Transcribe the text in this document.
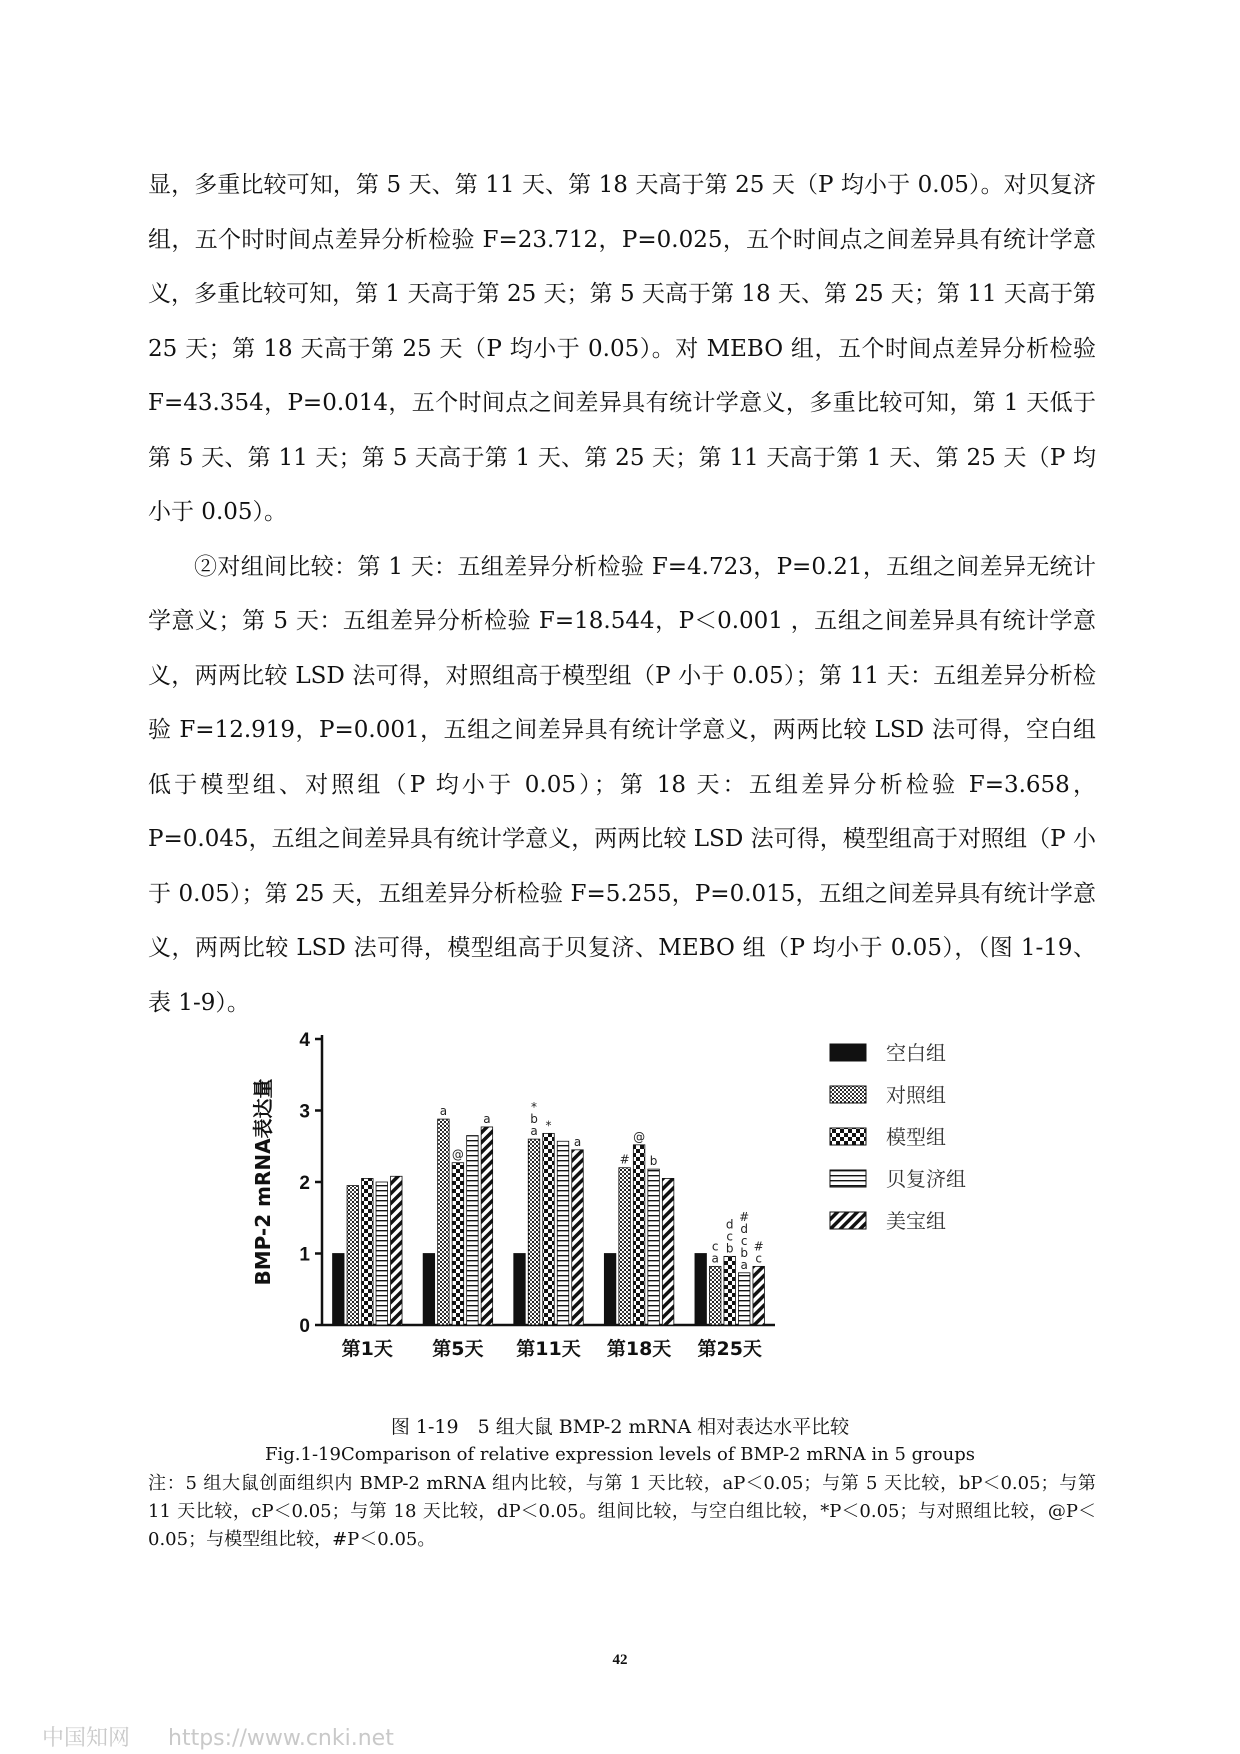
显，多重比较可知，第 5 天、第 11 天、第 18 天高于第 25 天（P 均小于 0.05）。对贝复济组，五个时时间点差异分析检验 F=23.712，P=0.025，五个时间点之间差异具有统计学意义，多重比较可知，第 1 天高于第 25 天；第 5 天高于第 18 天、第 25 天；第 11 天高于第 25 天；第 18 天高于第 25 天（P 均小于 0.05）。对 MEBO 组，五个时间点差异分析检验 F=43.354，P=0.014，五个时间点之间差异具有统计学意义，多重比较可知，第 1 天低于第 5 天、第 11 天；第 5 天高于第 1 天、第 25 天；第 11 天高于第 1 天、第 25 天（P 均小于 0.05）。

②对组间比较：第 1 天：五组差异分析检验 F=4.723，P=0.21，五组之间差异无统计学意义；第 5 天：五组差异分析检验 F=18.544，P＜0.001 ，五组之间差异具有统计学意义，两两比较 LSD 法可得，对照组高于模型组（P 小于 0.05）；第 11 天：五组差异分析检验 F=12.919，P=0.001，五组之间差异具有统计学意义，两两比较 LSD 法可得，空白组低于模型组、对照组（P 均小于 0.05）；第 18 天：五组差异分析检验 F=3.658，P=0.045，五组之间差异具有统计学意义，两两比较 LSD 法可得，模型组高于对照组（P 小于 0.05）；第 25 天，五组差异分析检验 F=5.255，P=0.015，五组之间差异具有统计学意义，两两比较 LSD 法可得，模型组高于贝复济、MEBO 组（P 均小于 0.05），（图 1-19、表 1-9）。

0
1
2
3
4
BMP-2 mRNA表达量
第1天
a
@
a
第5天
*
b
a *
a
第11天
#
@
b
第18天
c
a
d
c
b
#
d
c
b
a
#
c
第25天
空白组
对照组
模型组
贝复济组
美宝组
图 1-19　5 组大鼠 BMP-2 mRNA 相对表达水平比较
Fig.1-19Comparison of relative expression levels of BMP-2 mRNA in 5 groups
注：5 组大鼠创面组织内 BMP-2 mRNA 组内比较，与第 1 天比较，aP＜0.05；与第 5 天比较，bP＜0.05；与第 11 天比较，cP＜0.05；与第 18 天比较，dP＜0.05。组间比较，与空白组比较，*P＜0.05；与对照组比较，@P＜0.05；与模型组比较，#P＜0.05。
42
中国知网 https://www.cnki.net
